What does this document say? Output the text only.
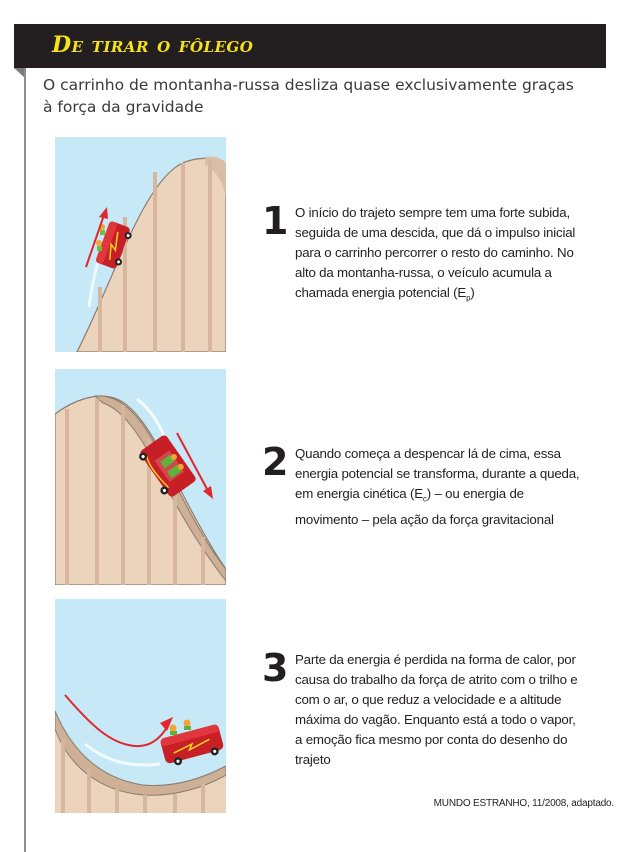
De tirar o fôlego
O carrinho de montanha-russa desliza quase exclusivamente graças à força da gravidade
1 O início do trajeto sempre tem uma forte subida, seguida de uma descida, que dá o impulso inicial para o carrinho percorrer o resto do caminho. No alto da montanha-russa, o veículo acumula a chamada energia potencial $(E_p)$
2 Quando começa a despencar lá de cima, essa energia potencial se transforma, durante a queda, em energia cinética $(E_c)$ – ou energia de movimento – pela ação da força gravitacional
3 Parte da energia é perdida na forma de calor, por causa do trabalho da força de atrito com o trilho e com o ar, o que reduz a velocidade e a altitude máxima do vagão. Enquanto está a todo o vapor, a emoção fica mesmo por conta do desenho do trajeto
MUNDO ESTRANHO, 11/2008, adaptado.
